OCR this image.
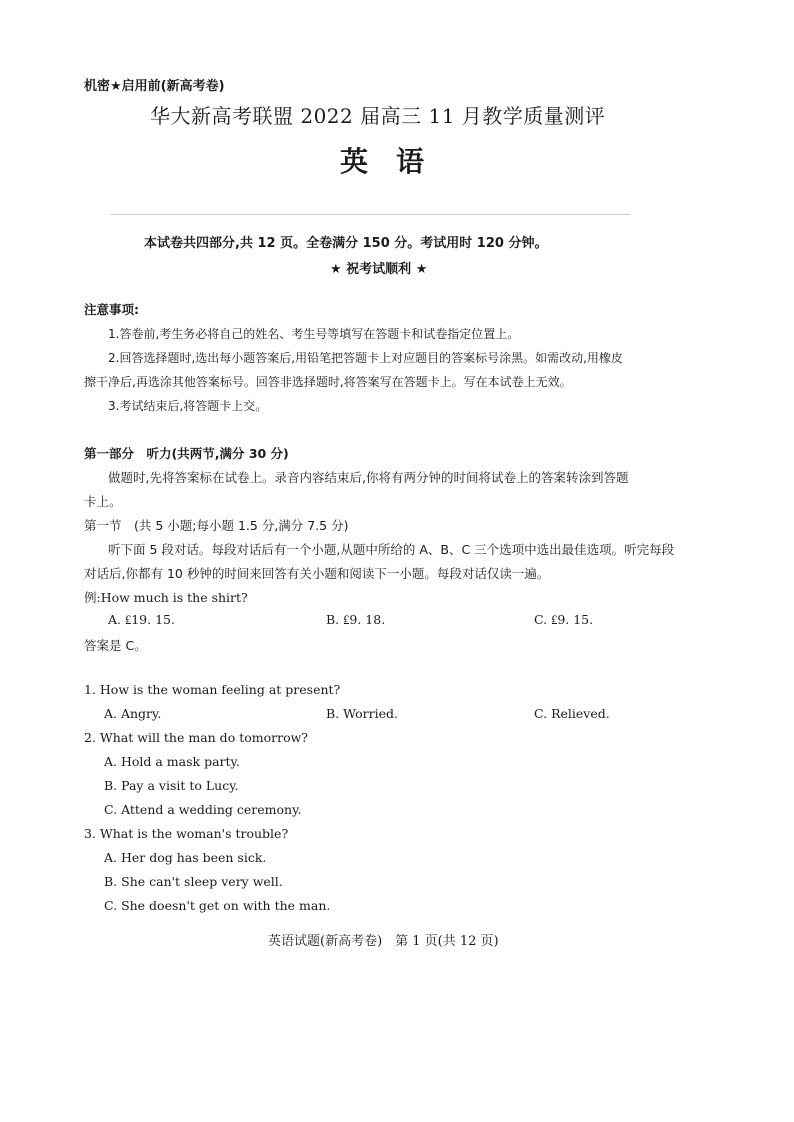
机密★启用前(新高考卷)
华大新高考联盟 2022 届高三 11 月教学质量测评
英语
本试卷共四部分,共 12 页。全卷满分 150 分。考试用时 120 分钟。
★ 祝考试顺利 ★
注意事项:
1.答卷前,考生务必将自己的姓名、考生号等填写在答题卡和试卷指定位置上。
2.回答选择题时,选出每小题答案后,用铅笔把答题卡上对应题目的答案标号涂黑。如需改动,用橡皮
擦干净后,再选涂其他答案标号。回答非选择题时,将答案写在答题卡上。写在本试卷上无效。
3.考试结束后,将答题卡上交。
第一部分　听力(共两节,满分 30 分)
做题时,先将答案标在试卷上。录音内容结束后,你将有两分钟的时间将试卷上的答案转涂到答题
卡上。
第一节　(共 5 小题;每小题 1.5 分,满分 7.5 分)
听下面 5 段对话。每段对话后有一个小题,从题中所给的 A、B、C 三个选项中选出最佳选项。听完每段
对话后,你都有 10 秒钟的时间来回答有关小题和阅读下一小题。每段对话仅读一遍。
例:How much is the shirt?
A. ₤19. 15.	B. ₤9. 18.	C. ₤9. 15.
答案是 C。
1. How is the woman feeling at present?
A. Angry.	B. Worried.	C. Relieved.
2. What will the man do tomorrow?
A. Hold a mask party.
B. Pay a visit to Lucy.
C. Attend a wedding ceremony.
3. What is the woman's trouble?
A. Her dog has been sick.
B. She can't sleep very well.
C. She doesn't get on with the man.
英语试题(新高考卷)　第 1 页(共 12 页)
